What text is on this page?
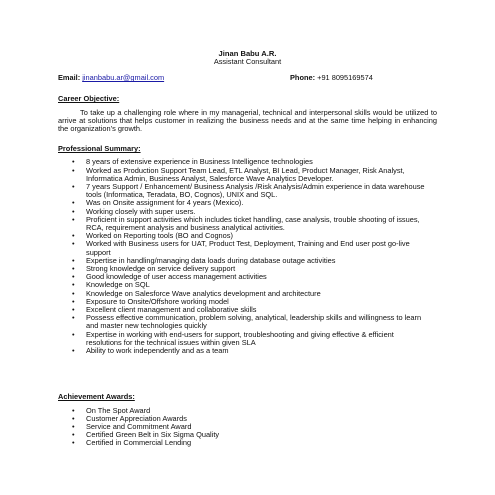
Jinan Babu A.R.
Assistant Consultant
Email: jinanbabu.ar@gmail.com	Phone: +91 8095169574
Career Objective:
To take up a challenging role where in my managerial, technical and interpersonal skills would be utilized to arrive at solutions that helps customer in realizing the business needs and at the same time helping in enhancing the organization’s growth.
Professional Summary:
• 8 years of extensive experience in Business Intelligence technologies
• Worked as Production Support Team Lead, ETL Analyst, BI Lead, Product Manager, Risk Analyst, Informatica Admin, Business Analyst, Salesforce Wave Analytics Developer.
• 7 years Support / Enhancement/ Business Analysis /Risk Analysis/Admin experience in data warehouse tools (Informatica, Teradata, BO, Cognos), UNIX and SQL.
• Was on Onsite assignment for 4 years (Mexico).
• Working closely with super users.
• Proficient in support activities which includes ticket handling, case analysis, trouble shooting of issues, RCA, requirement analysis and business analytical activities.
• Worked on Reporting tools (BO and Cognos)
• Worked with Business users for UAT, Product Test, Deployment, Training and End user post go-live support
• Expertise in handling/managing data loads during database outage activities
• Strong knowledge on service delivery support
• Good knowledge of user access management activities
• Knowledge on SQL
• Knowledge on Salesforce Wave analytics development and architecture
• Exposure to Onsite/Offshore working model
• Excellent client management and collaborative skills
• Possess effective communication, problem solving, analytical, leadership skills and willingness to learn and master new technologies quickly
• Expertise in working with end-users for support, troubleshooting and giving effective & efficient resolutions for the technical issues within given SLA
• Ability to work independently and as a team
Achievement Awards:
• On The Spot Award
• Customer Appreciation Awards
• Service and Commitment Award
• Certified Green Belt in Six Sigma Quality
• Certified in Commercial Lending
